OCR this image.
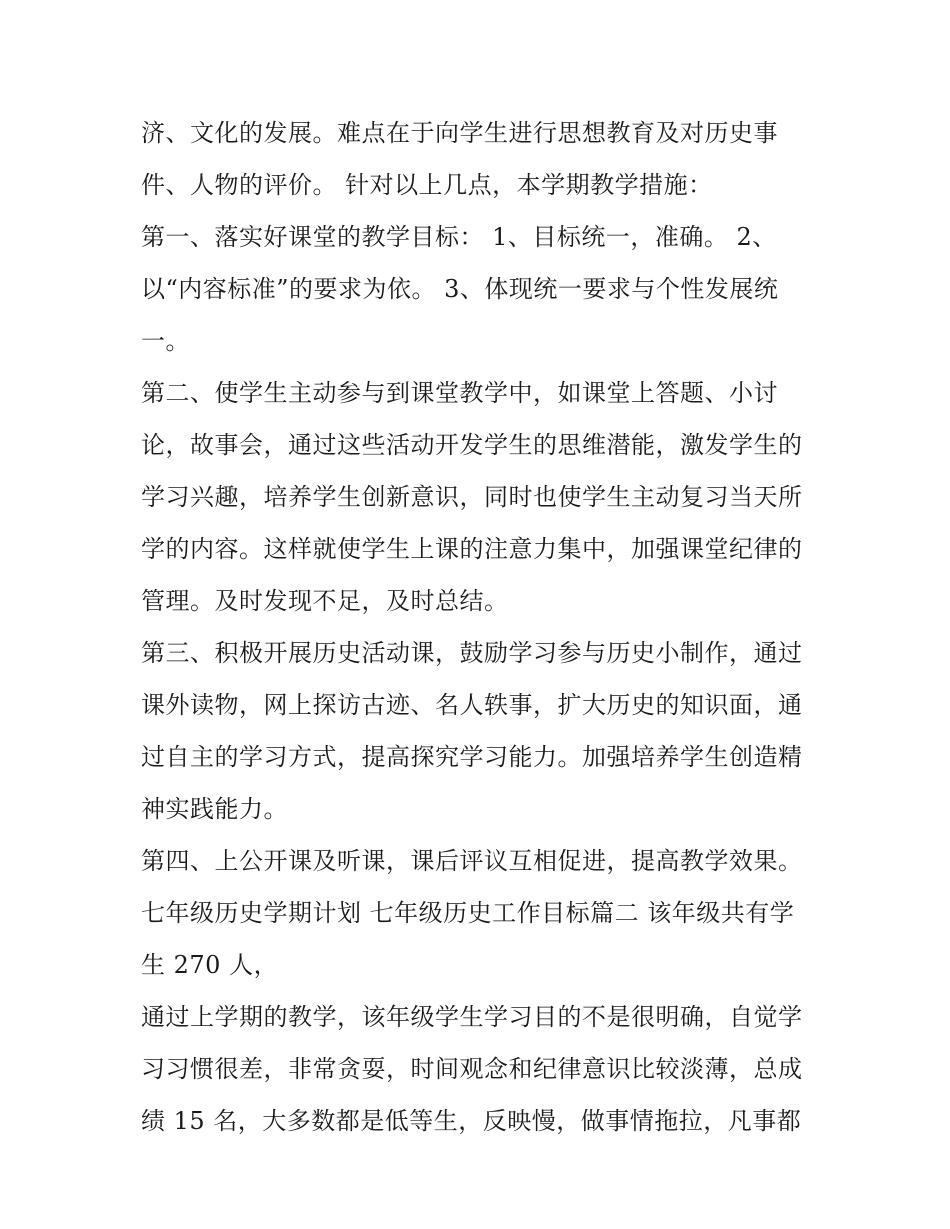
济、文化的发展。难点在于向学生进行思想教育及对历史事
件、人物的评价。 针对以上几点，本学期教学措施：
第一、落实好课堂的教学目标： 1、目标统一，准确。 2、
以“内容标准”的要求为依。 3、体现统一要求与个性发展统
一。
第二、使学生主动参与到课堂教学中，如课堂上答题、小讨
论，故事会，通过这些活动开发学生的思维潜能，激发学生的
学习兴趣，培养学生创新意识，同时也使学生主动复习当天所
学的内容。这样就使学生上课的注意力集中，加强课堂纪律的
管理。及时发现不足，及时总结。
第三、积极开展历史活动课，鼓励学习参与历史小制作，通过
课外读物，网上探访古迹、名人轶事，扩大历史的知识面，通
过自主的学习方式，提高探究学习能力。加强培养学生创造精
神实践能力。
第四、上公开课及听课，课后评议互相促进，提高教学效果。
七年级历史学期计划 七年级历史工作目标篇二 该年级共有学
生 270 人，
通过上学期的教学，该年级学生学习目的不是很明确，自觉学
习习惯很差，非常贪耍，时间观念和纪律意识比较淡薄，总成
绩 15 名，大多数都是低等生，反映慢，做事情拖拉，凡事都
